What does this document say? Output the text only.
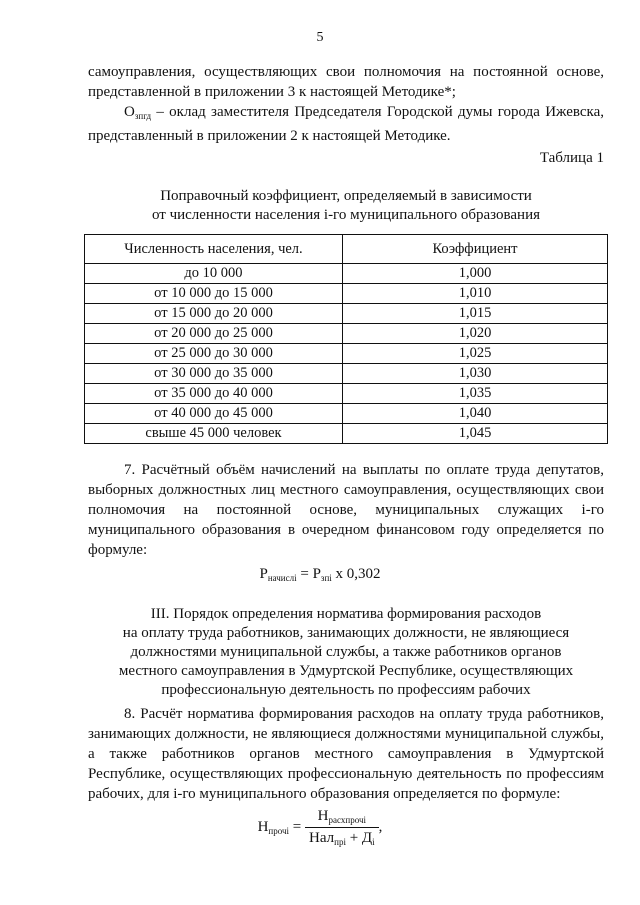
5
самоуправления, осуществляющих свои полномочия на постоянной основе, представленной в приложении 3 к настоящей Методике*;
$О_{зпгд}$ – оклад заместителя Председателя Городской думы города Ижевска, представленный в приложении 2 к настоящей Методике.
Таблица 1
Поправочный коэффициент, определяемый в зависимости
от численности населения i-го муниципального образования
Численность населения, чел.	Коэффициент
до 10 000	1,000
от 10 000 до 15 000	1,010
от 15 000 до 20 000	1,015
от 20 000 до 25 000	1,020
от 25 000 до 30 000	1,025
от 30 000 до 35 000	1,030
от 35 000 до 40 000	1,035
от 40 000 до 45 000	1,040
свыше 45 000 человек	1,045
7. Расчётный объём начислений на выплаты по оплате труда депутатов, выборных должностных лиц местного самоуправления, осуществляющих свои полномочия на постоянной основе, муниципальных служащих i-го муниципального образования в очередном финансовом году определяется по формуле:
$Р_{начислi} = Р_{зпi}$ x 0,302
III. Порядок определения норматива формирования расходов
на оплату труда работников, занимающих должности, не являющиеся
должностями муниципальной службы, а также работников органов
местного самоуправления в Удмуртской Республике, осуществляющих
профессиональную деятельность по профессиям рабочих
8. Расчёт норматива формирования расходов на оплату труда работников, занимающих должности, не являющиеся должностями муниципальной службы, а также работников органов местного самоуправления в Удмуртской Республике, осуществляющих профессиональную деятельность по профессиям рабочих, для i-го муниципального образования определяется по формуле:
$Н_{прочi} = \frac{Н_{расхпрочi}}{Нал_{прi} + Д_i}$ ,
